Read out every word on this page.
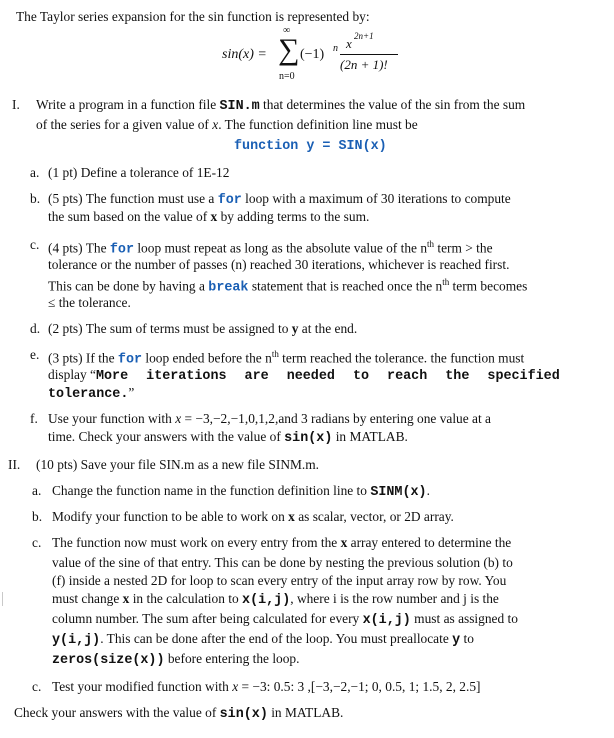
The Taylor series expansion for the sin function is represented by:
sin(x) = ∑
∞
n=0
(−1) n x 2n+1
(2n + 1)!
I. Write a program in a function file SIN.m that determines the value of the sin from the sum
of the series for a given value of x. The function definition line must be
function y = SIN(x)
a. (1 pt) Define a tolerance of 1E-12
b. (5 pts) The function must use a for loop with a maximum of 30 iterations to compute
the sum based on the value of x by adding terms to the sum.
c. (4 pts) The for loop must repeat as long as the absolute value of the $n^{th}$ term > the
tolerance or the number of passes (n) reached 30 iterations, whichever is reached first.
This can be done by having a break statement that is reached once the $n^{th}$ term becomes
≤ the tolerance.
d. (2 pts) The sum of terms must be assigned to y at the end.
e. (3 pts) If the for loop ended before the $n^{th}$ term reached the tolerance. the function must
display “More iterations are needed to reach the specified
tolerance.”
f. Use your function with x = −3,−2,−1,0,1,2,and 3 radians by entering one value at a
time. Check your answers with the value of sin(x) in MATLAB.
II. (10 pts) Save your file SIN.m as a new file SINM.m.
a. Change the function name in the function definition line to SINM(x).
b. Modify your function to be able to work on x as scalar, vector, or 2D array.
c. The function now must work on every entry from the x array entered to determine the
value of the sine of that entry. This can be done by nesting the previous solution (b) to
(f) inside a nested 2D for loop to scan every entry of the input array row by row. You
must change x in the calculation to x(i,j), where i is the row number and j is the
column number. The sum after being calculated for every x(i,j) must as assigned to
y(i,j). This can be done after the end of the loop. You must preallocate y to
zeros(size(x)) before entering the loop.
c. Test your modified function with x = −3: 0.5: 3 ,[−3,−2,−1; 0, 0.5, 1; 1.5, 2, 2.5]
Check your answers with the value of sin(x) in MATLAB.
